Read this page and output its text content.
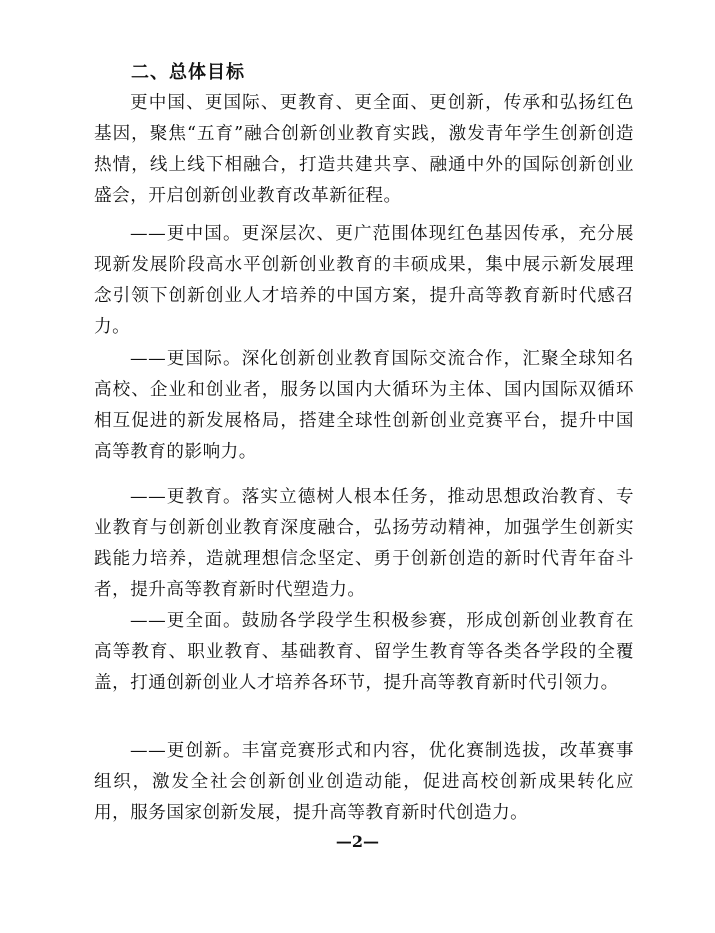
二、总体目标

更中国、更国际、更教育、更全面、更创新，传承和弘扬红色基因，聚焦“五育”融合创新创业教育实践，激发青年学生创新创造热情，线上线下相融合，打造共建共享、融通中外的国际创新创业盛会，开启创新创业教育改革新征程。

——更中国。更深层次、更广范围体现红色基因传承，充分展现新发展阶段高水平创新创业教育的丰硕成果，集中展示新发展理念引领下创新创业人才培养的中国方案，提升高等教育新时代感召力。

——更国际。深化创新创业教育国际交流合作，汇聚全球知名高校、企业和创业者，服务以国内大循环为主体、国内国际双循环相互促进的新发展格局，搭建全球性创新创业竞赛平台，提升中国高等教育的影响力。

——更教育。落实立德树人根本任务，推动思想政治教育、专业教育与创新创业教育深度融合，弘扬劳动精神，加强学生创新实践能力培养，造就理想信念坚定、勇于创新创造的新时代青年奋斗者，提升高等教育新时代塑造力。

——更全面。鼓励各学段学生积极参赛，形成创新创业教育在高等教育、职业教育、基础教育、留学生教育等各类各学段的全覆盖，打通创新创业人才培养各环节，提升高等教育新时代引领力。

——更创新。丰富竞赛形式和内容，优化赛制选拔，改革赛事组织，激发全社会创新创业创造动能，促进高校创新成果转化应用，服务国家创新发展，提升高等教育新时代创造力。

—2—
